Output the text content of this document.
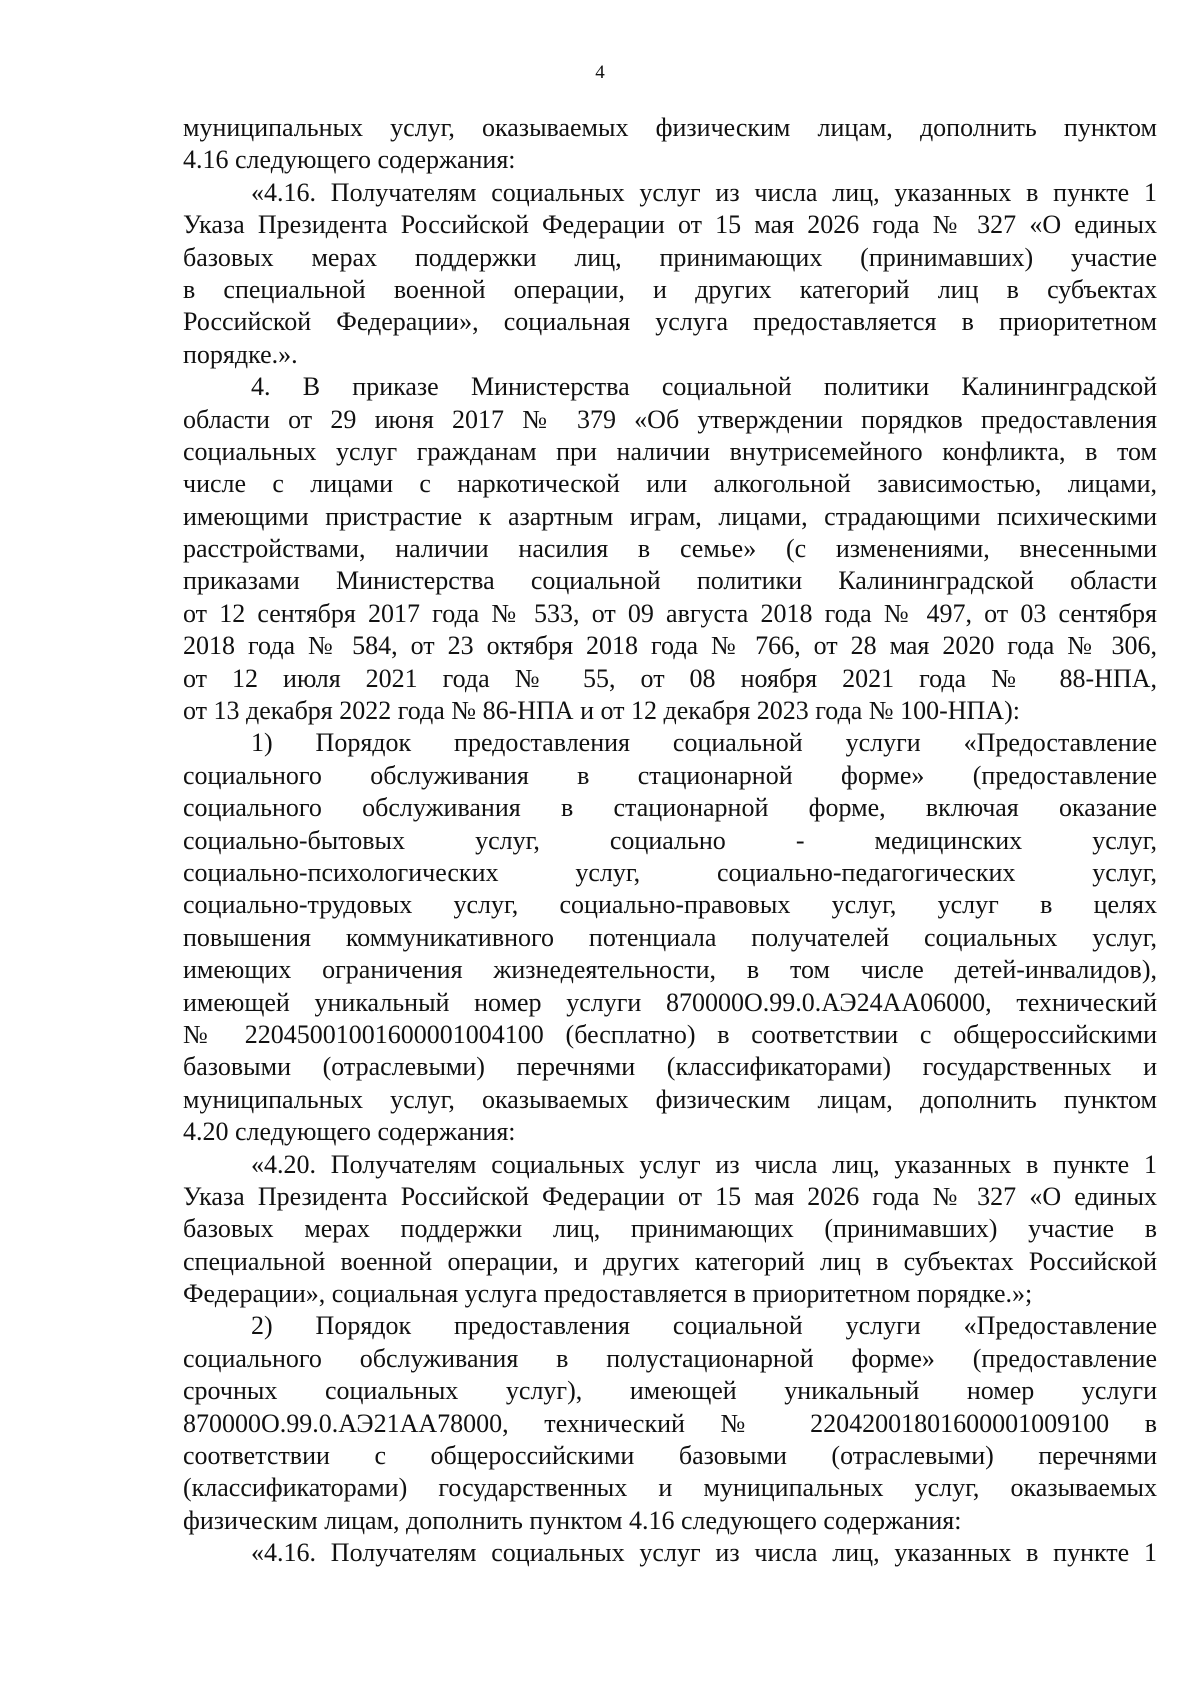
4
муниципальных услуг, оказываемых физическим лицам, дополнить пунктом
4.16 следующего содержания:
«4.16. Получателям социальных услуг из числа лиц, указанных в пункте 1
Указа Президента Российской Федерации от 15 мая 2026 года № 327 «О единых
базовых мерах поддержки лиц, принимающих (принимавших) участие
в специальной военной операции, и других категорий лиц в субъектах
Российской Федерации», социальная услуга предоставляется в приоритетном
порядке.».
4. В приказе Министерства социальной политики Калининградской
области от 29 июня 2017 № 379 «Об утверждении порядков предоставления
социальных услуг гражданам при наличии внутрисемейного конфликта, в том
числе с лицами с наркотической или алкогольной зависимостью, лицами,
имеющими пристрастие к азартным играм, лицами, страдающими психическими
расстройствами, наличии насилия в семье» (с изменениями, внесенными
приказами Министерства социальной политики Калининградской области
от 12 сентября 2017 года № 533, от 09 августа 2018 года № 497, от 03 сентября
2018 года № 584, от 23 октября 2018 года № 766, от 28 мая 2020 года № 306,
от 12 июля 2021 года № 55, от 08 ноября 2021 года № 88-НПА,
от 13 декабря 2022 года № 86-НПА и от 12 декабря 2023 года № 100-НПА):
1) Порядок предоставления социальной услуги «Предоставление
социального обслуживания в стационарной форме» (предоставление
социального обслуживания в стационарной форме, включая оказание
социально-бытовых услуг, социально - медицинских услуг,
социально-психологических услуг, социально-педагогических услуг,
социально-трудовых услуг, социально-правовых услуг, услуг в целях
повышения коммуникативного потенциала получателей социальных услуг,
имеющих ограничения жизнедеятельности, в том числе детей-инвалидов),
имеющей уникальный номер услуги 870000О.99.0.АЭ24АА06000, технический
№ 22045001001600001004100 (бесплатно) в соответствии с общероссийскими
базовыми (отраслевыми) перечнями (классификаторами) государственных и
муниципальных услуг, оказываемых физическим лицам, дополнить пунктом
4.20 следующего содержания:
«4.20. Получателям социальных услуг из числа лиц, указанных в пункте 1
Указа Президента Российской Федерации от 15 мая 2026 года № 327 «О единых
базовых мерах поддержки лиц, принимающих (принимавших) участие в
специальной военной операции, и других категорий лиц в субъектах Российской
Федерации», социальная услуга предоставляется в приоритетном порядке.»;
2) Порядок предоставления социальной услуги «Предоставление
социального обслуживания в полустационарной форме» (предоставление
срочных социальных услуг), имеющей уникальный номер услуги
870000О.99.0.АЭ21АА78000, технический № 22042001801600001009100 в
соответствии с общероссийскими базовыми (отраслевыми) перечнями
(классификаторами) государственных и муниципальных услуг, оказываемых
физическим лицам, дополнить пунктом 4.16 следующего содержания:
«4.16. Получателям социальных услуг из числа лиц, указанных в пункте 1
